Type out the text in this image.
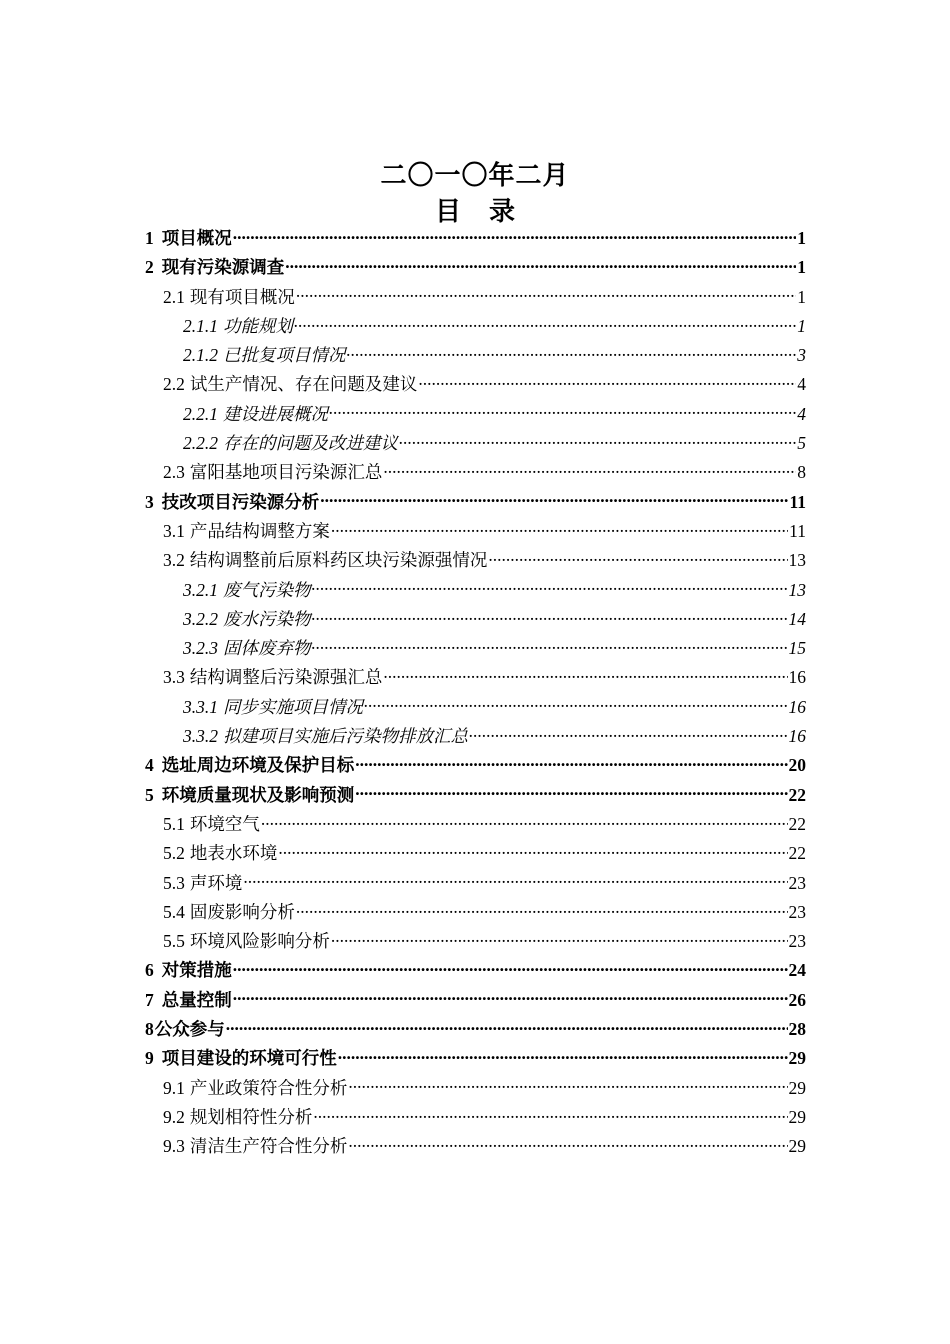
二〇一〇年二月
目录
1 项目概况 .....	1
2 现有污染源调查 .....	1
2.1 现有项目概况 .....	1
2.1.1 功能规划 .....	1
2.1.2 已批复项目情况 .....	3
2.2 试生产情况、存在问题及建议 .....	4
2.2.1 建设进展概况 .....	4
2.2.2 存在的问题及改进建议 .....	5
2.3 富阳基地项目污染源汇总 .....	8
3 技改项目污染源分析 .....	11
3.1 产品结构调整方案 .....	11
3.2 结构调整前后原料药区块污染源强情况 .....	13
3.2.1 废气污染物 .....	13
3.2.2 废水污染物 .....	14
3.2.3 固体废弃物 .....	15
3.3 结构调整后污染源强汇总 .....	16
3.3.1 同步实施项目情况 .....	16
3.3.2 拟建项目实施后污染物排放汇总 .....	16
4 选址周边环境及保护目标 .....	20
5 环境质量现状及影响预测 .....	22
5.1 环境空气 .....	22
5.2 地表水环境 .....	22
5.3 声环境 .....	23
5.4 固废影响分析 .....	23
5.5 环境风险影响分析 .....	23
6 对策措施 .....	24
7 总量控制 .....	26
8 公众参与 .....	28
9 项目建设的环境可行性 .....	29
9.1 产业政策符合性分析 .....	29
9.2 规划相符性分析 .....	29
9.3 清洁生产符合性分析 .....	29
